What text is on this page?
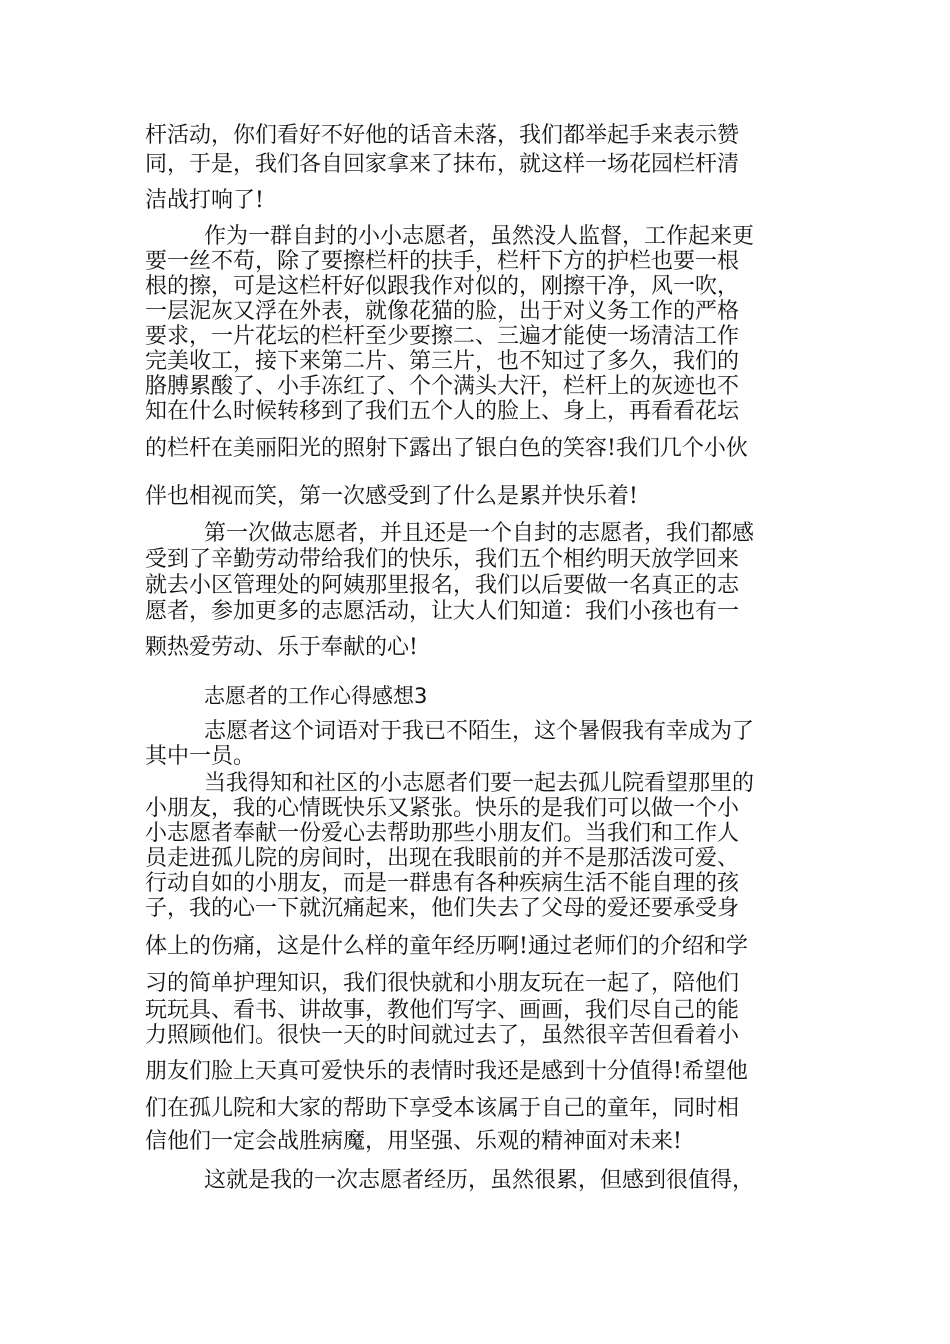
杆活动，你们看好不好他的话音未落，我们都举起手来表示赞

同，于是，我们各自回家拿来了抹布，就这样一场花园栏杆清

洁战打响了!

作为一群自封的小小志愿者，虽然没人监督，工作起来更

要一丝不苟，除了要擦栏杆的扶手，栏杆下方的护栏也要一根

根的擦，可是这栏杆好似跟我作对似的，刚擦干净，风一吹，

一层泥灰又浮在外表，就像花猫的脸，出于对义务工作的严格

要求，一片花坛的栏杆至少要擦二、三遍才能使一场清洁工作

完美收工，接下来第二片、第三片，也不知过了多久，我们的

胳膊累酸了、小手冻红了、个个满头大汗，栏杆上的灰迹也不

知在什么时候转移到了我们五个人的脸上、身上，再看看花坛

的栏杆在美丽阳光的照射下露出了银白色的笑容!我们几个小伙

伴也相视而笑，第一次感受到了什么是累并快乐着!

第一次做志愿者，并且还是一个自封的志愿者，我们都感

受到了辛勤劳动带给我们的快乐，我们五个相约明天放学回来

就去小区管理处的阿姨那里报名，我们以后要做一名真正的志

愿者，参加更多的志愿活动，让大人们知道：我们小孩也有一

颗热爱劳动、乐于奉献的心!

志愿者的工作心得感想3

志愿者这个词语对于我已不陌生，这个暑假我有幸成为了

其中一员。

当我得知和社区的小志愿者们要一起去孤儿院看望那里的

小朋友，我的心情既快乐又紧张。快乐的是我们可以做一个小

小志愿者奉献一份爱心去帮助那些小朋友们。当我们和工作人

员走进孤儿院的房间时，出现在我眼前的并不是那活泼可爱、

行动自如的小朋友，而是一群患有各种疾病生活不能自理的孩

子，我的心一下就沉痛起来，他们失去了父母的爱还要承受身

体上的伤痛，这是什么样的童年经历啊!通过老师们的介绍和学

习的简单护理知识，我们很快就和小朋友玩在一起了，陪他们

玩玩具、看书、讲故事，教他们写字、画画，我们尽自己的能

力照顾他们。很快一天的时间就过去了，虽然很辛苦但看着小

朋友们脸上天真可爱快乐的表情时我还是感到十分值得!希望他

们在孤儿院和大家的帮助下享受本该属于自己的童年，同时相

信他们一定会战胜病魔，用坚强、乐观的精神面对未来!

这就是我的一次志愿者经历，虽然很累，但感到很值得，
